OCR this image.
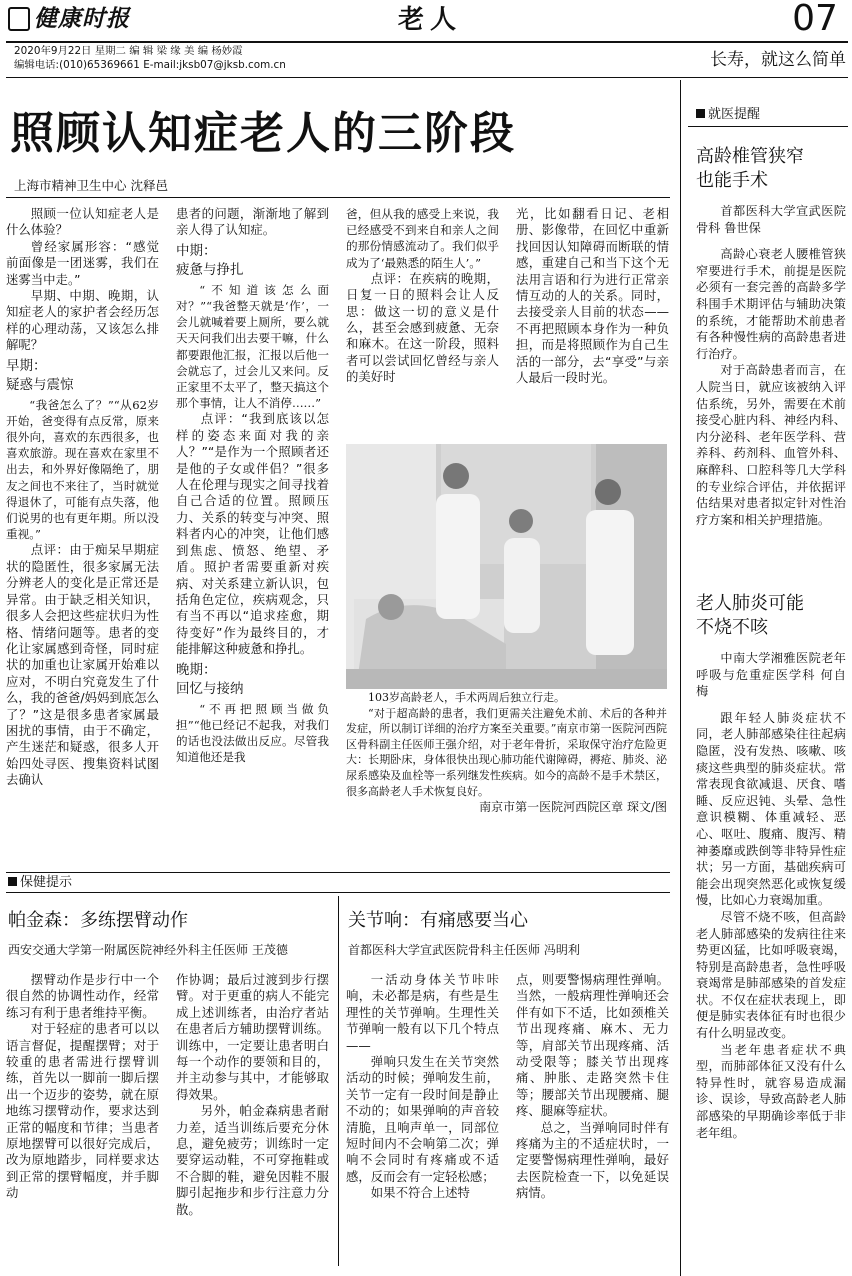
健康时报	老人	07
2020年9月22日 星期二 编 辑 梁 缘 美 编 杨妙霞
编辑电话:(010)65369661 E-mail:jksb07@jksb.com.cn	长寿，就这么简单
照顾认知症老人的三阶段
上海市精神卫生中心 沈释邑

照顾一位认知症老人是什么体验？

曾经家属形容：“感觉前面像是一团迷雾，我们在迷雾当中走。”

早期、中期、晚期，认知症老人的家护者会经历怎样的心理动荡，又该怎么排解呢？

早期：
疑惑与震惊

“我爸怎么了？”“从62岁开始，爸变得有点反常，原来很外向，喜欢的东西很多，也喜欢旅游。现在喜欢在家里不出去，和外界好像隔绝了，朋友之间也不来往了，当时就觉得退休了，可能有点失落，他们说男的也有更年期。所以没重视。”

点评：由于痴呆早期症状的隐匿性，很多家属无法分辨老人的变化是正常还是异常。由于缺乏相关知识，很多人会把这些症状归为性格、情绪问题等。患者的变化让家属感到奇怪，同时症状的加重也让家属开始难以应对，不明白究竟发生了什么，我的爸爸/妈妈到底怎么了？”这是很多患者家属最困扰的事情，由于不确定，产生迷茫和疑惑，很多人开始四处寻医、搜集资料试图去确认

患者的问题，渐渐地了解到亲人得了认知症。

中期：
疲惫与挣扎

“不知道该怎么面对？”“我爸整天就是‘作’，一会儿就喊着要上厕所，要么就天天问我们出去要干嘛，什么都要跟他汇报，汇报以后他一会就忘了，过会儿又来问。反正家里不太平了，整天搞这个那个事情，让人不消停……”

点评：“我到底该以怎样的姿态来面对我的亲人？”“是作为一个照顾者还是他的子女或伴侣？”很多人在伦理与现实之间寻找着自己合适的位置。照顾压力、关系的转变与冲突、照料者内心的冲突，让他们感到焦虑、愤怒、绝望、矛盾。照护者需要重新对疾病、对关系建立新认识，包括角色定位，疾病观念，只有当不再以“追求痊愈，期待变好”作为最终目的，才能排解这种疲惫和挣扎。

晚期：
回忆与接纳

“不再把照顾当做负担”“他已经记不起我，对我们的话也没法做出反应。尽管我知道他还是我

爸，但从我的感受上来说，我已经感受不到来自和亲人之间的那份情感流动了。我们似乎成为了‘最熟悉的陌生人’。”

点评：在疾病的晚期，日复一日的照料会让人反思：做这一切的意义是什么，甚至会感到疲惫、无奈和麻木。在这一阶段，照料者可以尝试回忆曾经与亲人的美好时

光，比如翻看日记、老相册、影像带，在回忆中重新找回因认知障碍而断联的情感，重建自己和当下这个无法用言语和行为进行正常亲情互动的人的关系。同时，去接受亲人目前的状态——不再把照顾本身作为一种负担，而是将照顾作为自己生活的一部分，去“享受”与亲人最后一段时光。

103岁高龄老人，手术两周后独立行走。

“对于超高龄的患者，我们更需关注避免术前、术后的各种并发症，所以制订详细的治疗方案至关重要。”南京市第一医院河西院区骨科副主任医师王强介绍，对于老年骨折，采取保守治疗危险更大：长期卧床，身体很快出现心肺功能代谢障碍，褥疮、肺炎、泌尿系感染及血栓等一系列继发性疾病。如今的高龄不是手术禁区，很多高龄老人手术恢复良好。

南京市第一医院河西院区章 琛文/图
就医提醒
高龄椎管狭窄
也能手术

首都医科大学宣武医院骨科 鲁世保

高龄心衰老人腰椎管狭窄要进行手术，前提是医院必须有一套完善的高龄多学科围手术期评估与辅助决策的系统，才能帮助术前患者有各种慢性病的高龄患者进行治疗。

对于高龄患者而言，在人院当日，就应该被纳入评估系统，另外，需要在术前接受心脏内科、神经内科、内分泌科、老年医学科、营养科、药剂科、血管外科、麻醉科、口腔科等几大学科的专业综合评估，并依据评估结果对患者拟定针对性治疗方案和相关护理措施。

老人肺炎可能
不烧不咳

中南大学湘雅医院老年呼吸与危重症医学科 何自梅

跟年轻人肺炎症状不同，老人肺部感染往往起病隐匿，没有发热、咳嗽、咳痰这些典型的肺炎症状。常常表现食欲减退、厌食、嗜睡、反应迟钝、头晕、急性意识模糊、体重减轻、恶心、呕吐、腹痛、腹泻、精神萎靡或跌倒等非特异性症状；另一方面，基础疾病可能会出现突然恶化或恢复缓慢，比如心力衰竭加重。

尽管不烧不咳，但高龄老人肺部感染的发病往往来势更凶猛，比如呼吸衰竭，特别是高龄患者，急性呼吸衰竭常是肺部感染的首发症状。不仅在症状表现上，即便是肺实表体征有时也很少有什么明显改变。

当老年患者症状不典型，而肺部体征又没有什么特异性时，就容易造成漏诊、误诊，导致高龄老人肺部感染的早期确诊率低于非老年组。

保健提示
帕金森：多练摆臂动作
西安交通大学第一附属医院神经外科主任医师 王茂德

摆臂动作是步行中一个很自然的协调性动作，经常练习有利于患者维持平衡。

对于轻症的患者可以以语言督促，提醒摆臂；对于较重的患者需进行摆臂训练，首先以一脚前一脚后摆出一个迈步的姿势，就在原地练习摆臂动作，要求达到正常的幅度和节律；当患者原地摆臂可以很好完成后，改为原地踏步，同样要求达到正常的摆臂幅度，并手脚动

作协调；最后过渡到步行摆臂。对于更重的病人不能完成上述训练者，由治疗者站在患者后方辅助摆臂训练。训练中，一定要让患者明白每一个动作的要领和目的，并主动参与其中，才能够取得效果。

另外，帕金森病患者耐力差，适当训练后要充分休息，避免疲劳；训练时一定要穿运动鞋，不可穿拖鞋或不合脚的鞋，避免因鞋不服脚引起拖步和步行注意力分散。

关节响：有痛感要当心
首都医科大学宣武医院骨科主任医师 冯明利

一活动身体关节咔咔响，未必都是病，有些是生理性的关节弹响。生理性关节弹响一般有以下几个特点——

弹响只发生在关节突然活动的时候；弹响发生前，关节一定有一段时间是静止不动的；如果弹响的声音较清脆，且响声单一，同部位短时间内不会响第二次；弹响不会同时有疼痛或不适感，反而会有一定轻松感；

如果不符合上述特

点，则要警惕病理性弹响。当然，一般病理性弹响还会伴有如下不适，比如颈椎关节出现疼痛、麻木、无力等，肩部关节出现疼痛、活动受限等；膝关节出现疼痛、肿胀、走路突然卡住等；腰部关节出现腰痛、腿疼、腿麻等症状。

总之，当弹响同时伴有疼痛为主的不适症状时，一定要警惕病理性弹响，最好去医院检查一下，以免延误病情。
